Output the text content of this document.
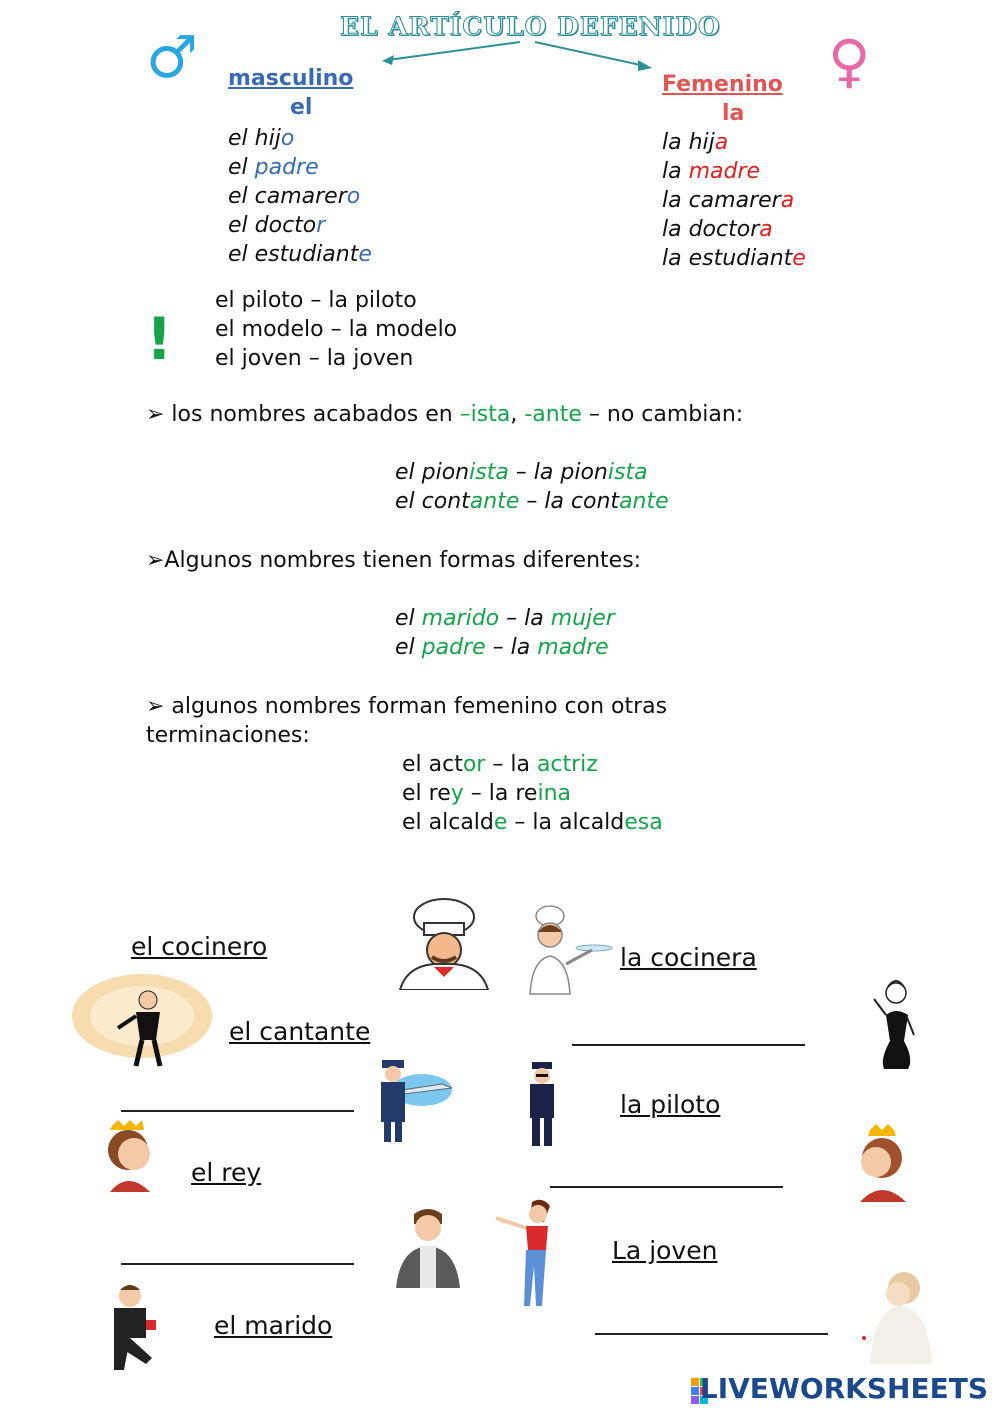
EL ARTÍCULO DEFENIDO
♂	♀
masculino
el
Femenino
la
el hijo
el padre
el camarero
el doctor
el estudiante
la hija
la madre
la camarera
la doctora
la estudiante
!
el piloto – la piloto
el modelo – la modelo
el joven – la joven
➢ los nombres acabados en –ista, -ante – no cambian:
el pionista – la pionista
el contante – la contante
➢Algunos nombres tienen formas diferentes:
el marido – la mujer
el padre – la madre
➢ algunos nombres forman femenino con otras
terminaciones:
el actor – la actriz
el rey – la reina
el alcalde – la alcaldesa
el cocinero	la cocinera
el cantante
la piloto
el rey
La joven
el marido
LIVEWORKSHEETS
